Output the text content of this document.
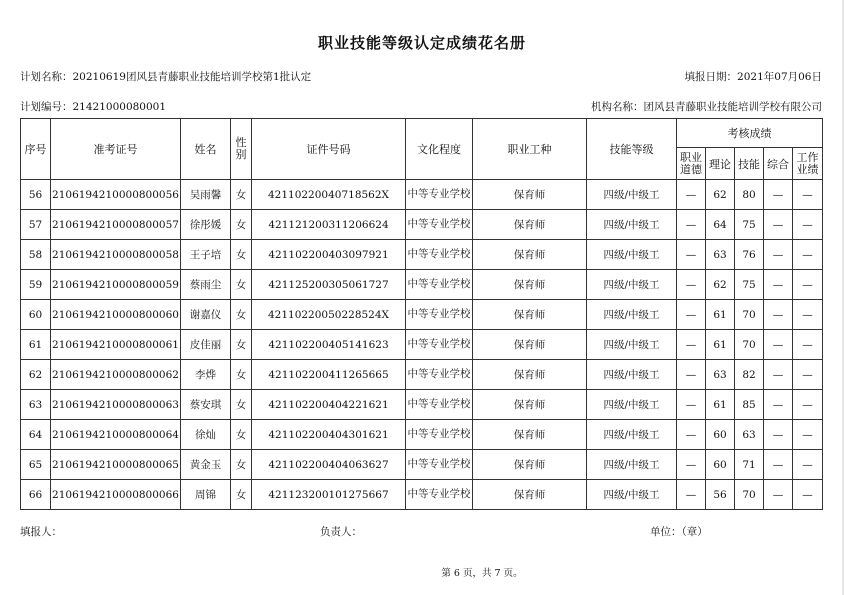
职业技能等级认定成绩花名册
计划名称：20210619团风县青藤职业技能培训学校第1批认定	填报日期：2021年07月06日
计划编号：21421000080001	机构名称：团风县青藤职业技能培训学校有限公司
序号	准考证号	姓名	性别	证件号码	文化程度	职业工种	技能等级	考核成绩				
								职业道德	理论	技能	综合	工作业绩
56	2106194210000800056	吴雨馨	女	42110220040718562X	中等专业学校	保育师	四级/中级工	—	62	80	—	—
57	2106194210000800057	徐彤媛	女	421121200311206624	中等专业学校	保育师	四级/中级工	—	64	75	—	—
58	2106194210000800058	王子培	女	421102200403097921	中等专业学校	保育师	四级/中级工	—	63	76	—	—
59	2106194210000800059	蔡雨尘	女	421125200305061727	中等专业学校	保育师	四级/中级工	—	62	75	—	—
60	2106194210000800060	谢嘉仪	女	42110220050228524X	中等专业学校	保育师	四级/中级工	—	61	70	—	—
61	2106194210000800061	皮佳丽	女	421102200405141623	中等专业学校	保育师	四级/中级工	—	61	70	—	—
62	2106194210000800062	李烨	女	421102200411265665	中等专业学校	保育师	四级/中级工	—	63	82	—	—
63	2106194210000800063	蔡安琪	女	421102200404221621	中等专业学校	保育师	四级/中级工	—	61	85	—	—
64	2106194210000800064	徐灿	女	421102200404301621	中等专业学校	保育师	四级/中级工	—	60	63	—	—
65	2106194210000800065	黄金玉	女	421102200404063627	中等专业学校	保育师	四级/中级工	—	60	71	—	—
66	2106194210000800066	周锦	女	421123200101275667	中等专业学校	保育师	四级/中级工	—	56	70	—	—
填报人：	负责人：	单位：（章）
第 6 页，共 7 页。
